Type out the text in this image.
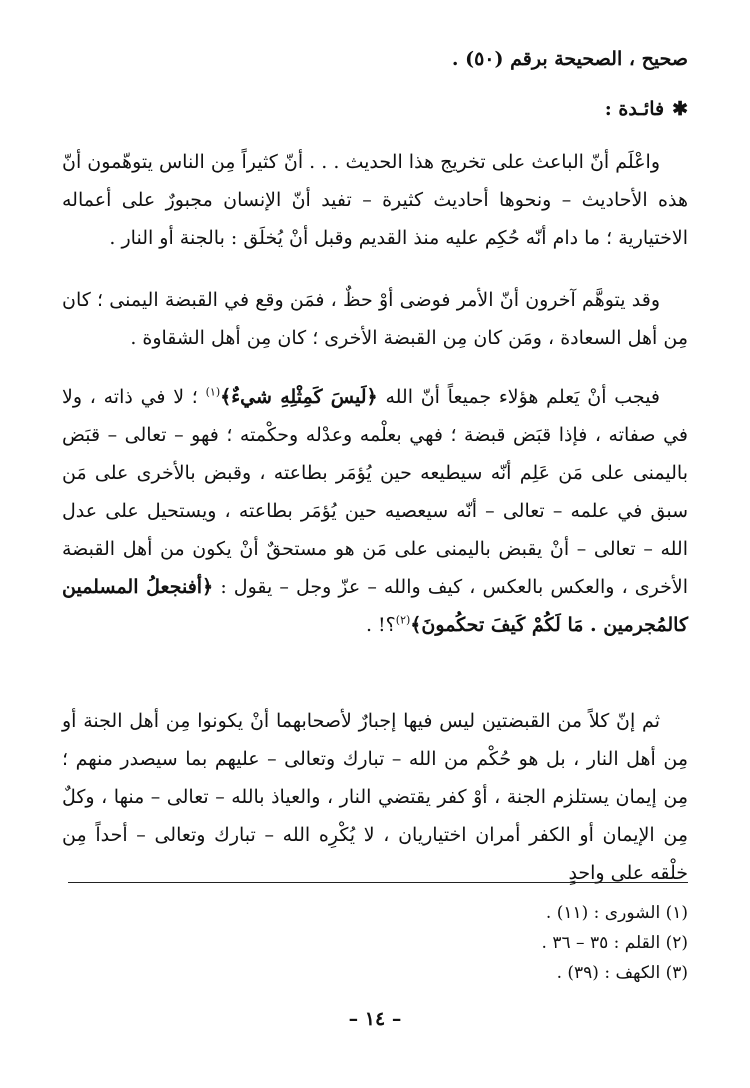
صحيح ، الصحيحة برقم (٥٠) .
✱فائـدة :
واعْلَم أنّ الباعث على تخريج هذا الحديث . . . أنّ كثيراً مِن الناس يتوهّمون أنّ هذه الأحاديث – ونحوها أحاديث كثيرة – تفيد أنّ الإنسان مجبورٌ على أعماله الاختيارية ؛ ما دام أنّه حُكِم عليه منذ القديم وقبل أنْ يُخلَق : بالجنة أو النار .
وقد يتوهَّم آخرون أنّ الأمر فوضى أوْ حظٌ ، فمَن وقع في القبضة اليمنى ؛ كان مِن أهل السعادة ، ومَن كان مِن القبضة الأخرى ؛ كان مِن أهل الشقاوة .
فيجب أنْ يَعلم هؤلاء جميعاً أنّ الله ﴿لَيسَ كَمِثْلِهِ شيءٌ﴾$^{(١)}$ ؛ لا في ذاته ، ولا في صفاته ، فإذا قبَض قبضة ؛ فهي بعلْمه وعدْله وحكْمته ؛ فهو – تعالى – قبَض باليمنى على مَن عَلِم أنّه سيطيعه حين يُؤمَر بطاعته ، وقبض بالأخرى على مَن سبق في علمه – تعالى – أنّه سيعصيه حين يُؤمَر بطاعته ، ويستحيل على عدل الله – تعالى – أنْ يقبض باليمنى على مَن هو مستحقٌ أنْ يكون من أهل القبضة الأخرى ، والعكس بالعكس ، كيف والله – عزّ وجل – يقول : ﴿أفنجعلُ المسلمين كالمُجرمين . مَا لَكُمْ كَيفَ تحكُمونَ﴾$^{(٢)}$؟! .
ثم إنّ كلاً من القبضتين ليس فيها إجبارٌ لأصحابهما أنْ يكونوا مِن أهل الجنة أو مِن أهل النار ، بل هو حُكْم من الله – تبارك وتعالى – عليهم بما سيصدر منهم ؛ مِن إيمان يستلزم الجنة ، أوْ كفر يقتضي النار ، والعياذ بالله – تعالى – منها ، وكلٌ مِن الإيمان أو الكفر أمران اختياريان ، لا يُكْرِه الله – تبارك وتعالى – أحداً مِن خلْقه على واحدٍ
(١) الشورى : (١١) .
(٢) القلم : ٣٥ – ٣٦ .
(٣) الكهف : (٣٩) .
– ١٤ –
